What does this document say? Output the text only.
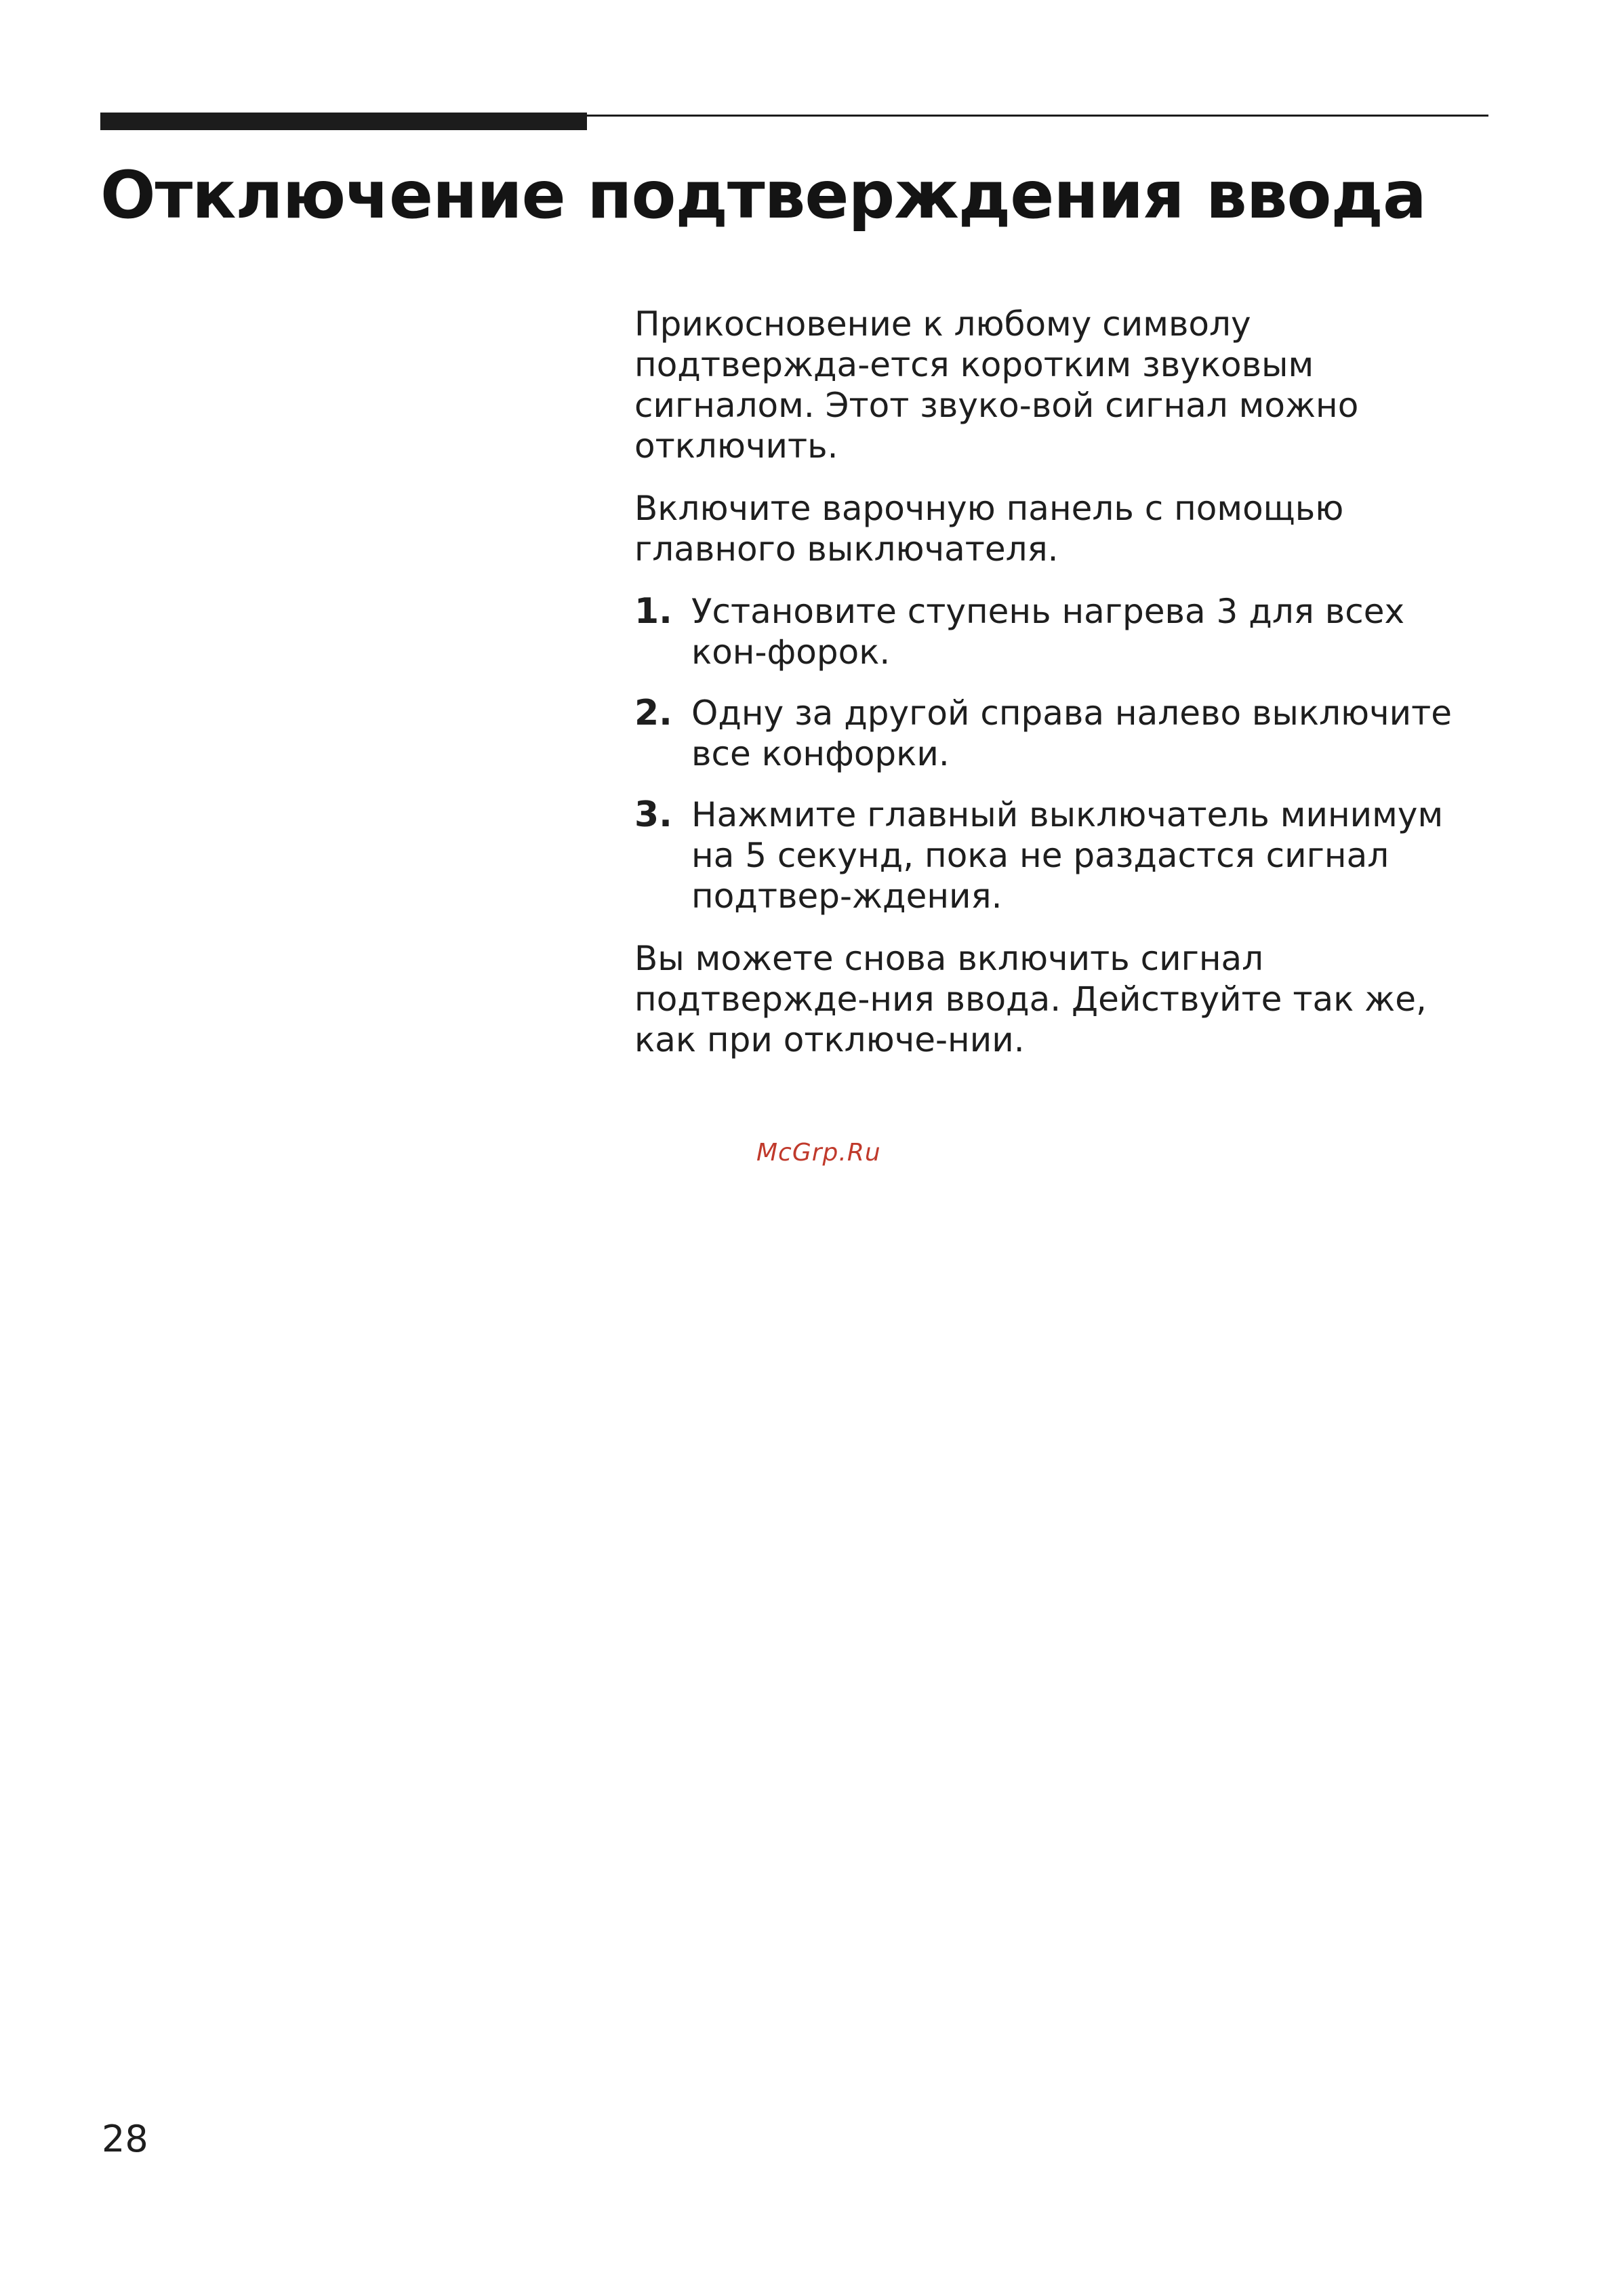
Отключение подтверждения ввода

Прикосновение к любому символу подтвержда-ется коротким звуковым сигналом. Этот звуко-вой сигнал можно отключить.

Включите варочную панель с помощью главного выключателя.

1. Установите ступень нагрева 3 для всех кон-форок.
2. Одну за другой справа налево выключите все конфорки.
3. Нажмите главный выключатель минимум на 5 секунд, пока не раздастся сигнал подтвер-ждения.

Вы можете снова включить сигнал подтвержде-ния ввода. Действуйте так же, как при отключе-нии.

McGrp.Ru
28
